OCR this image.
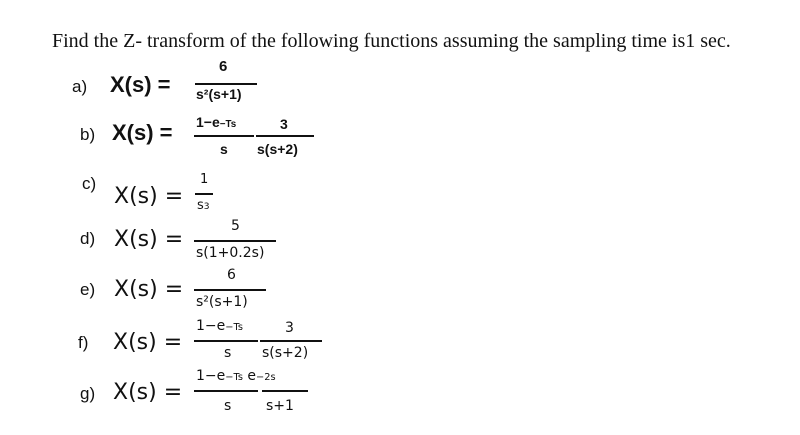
Find the Z- transform of the following functions assuming the sampling time is1 sec.
a) X(s) =
6
s²(s+1)
b) $X(s) = 1-e^{-Ts}$
s
3
s(s+2)
c)
X(s) =
1
$s^3$
d) X(s) =
5
s(1+0.2s)
e) X(s) =
6
s²(s+1)
f) X(s) =
$1-e^{-Ts}$
s
3
s(s+2)
g) X(s) =
$1-e^{-Ts}$ $e^{-2s}$
s s+1
